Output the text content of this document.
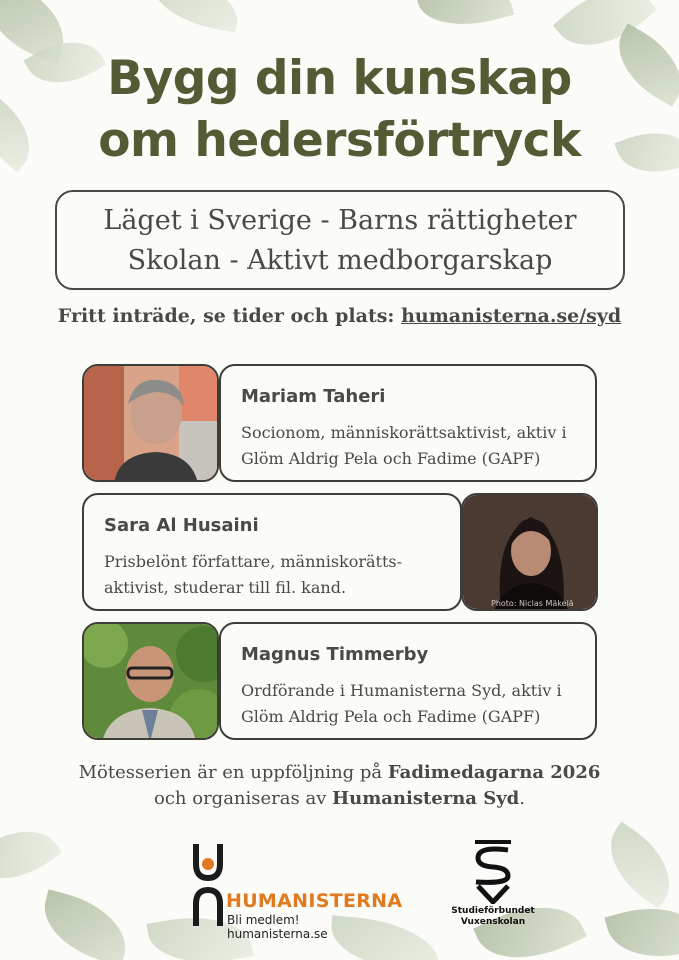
Bygg din kunskap
om hedersförtryck
Läget i Sverige - Barns rättigheter
Skolan - Aktivt medborgarskap
Fritt inträde, se tider och plats: humanisterna.se/syd
Mariam Taheri
Socionom, människorättsaktivist, aktiv i
Glöm Aldrig Pela och Fadime (GAPF)
Sara Al Husaini
Prisbelönt författare, människorätts-
aktivist, studerar till fil. kand.
Photo: Niclas Mäkelä
Magnus Timmerby
Ordförande i Humanisterna Syd, aktiv i
Glöm Aldrig Pela och Fadime (GAPF)
Mötesserien är en uppföljning på Fadimedagarna 2026
och organiseras av Humanisterna Syd.
HUMANISTERNA
Bli medlem! humanisterna.se
Studieförbundet
Vuxenskolan
